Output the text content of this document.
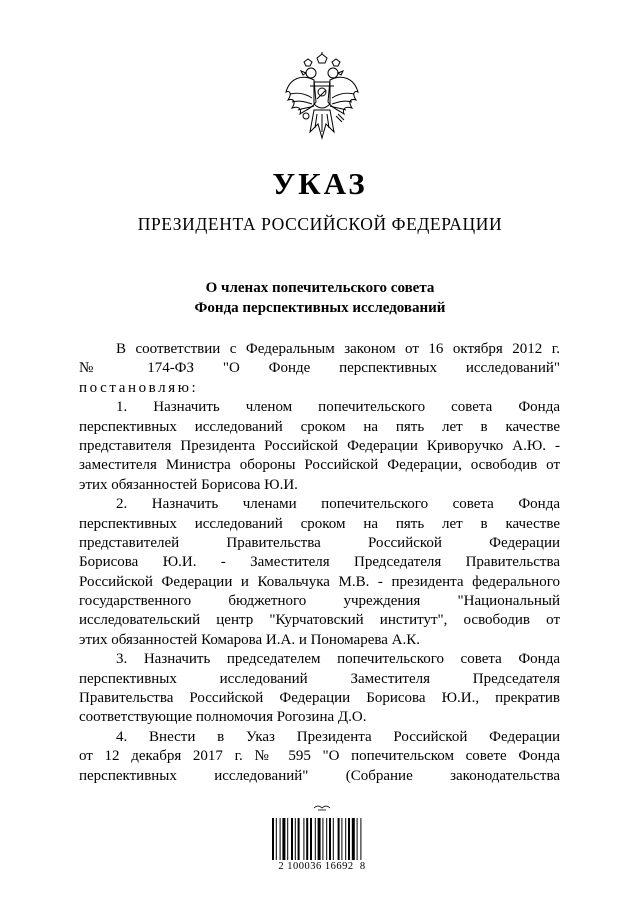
УКАЗ
ПРЕЗИДЕНТА РОССИЙСКОЙ ФЕДЕРАЦИИ
О членах попечительского совета
Фонда перспективных исследований
В соответствии с Федеральным законом от 16 октября 2012 г.
№ 174-ФЗ "О Фонде перспективных исследований"
постановляю:
1. Назначить членом попечительского совета Фонда
перспективных исследований сроком на пять лет в качестве
представителя Президента Российской Федерации Криворучко А.Ю. -
заместителя Министра обороны Российской Федерации, освободив от
этих обязанностей Борисова Ю.И.
2. Назначить членами попечительского совета Фонда
перспективных исследований сроком на пять лет в качестве
представителей Правительства Российской Федерации
Борисова Ю.И. - Заместителя Председателя Правительства
Российской Федерации и Ковальчука М.В. - президента федерального
государственного бюджетного учреждения "Национальный
исследовательский центр "Курчатовский институт", освободив от
этих обязанностей Комарова И.А. и Пономарева А.К.
3. Назначить председателем попечительского совета Фонда
перспективных исследований Заместителя Председателя
Правительства Российской Федерации Борисова Ю.И., прекратив
соответствующие полномочия Рогозина Д.О.
4. Внести в Указ Президента Российской Федерации
от 12 декабря 2017 г. № 595 "О попечительском совете Фонда
перспективных исследований" (Собрание законодательства
2 100036 16692  8
